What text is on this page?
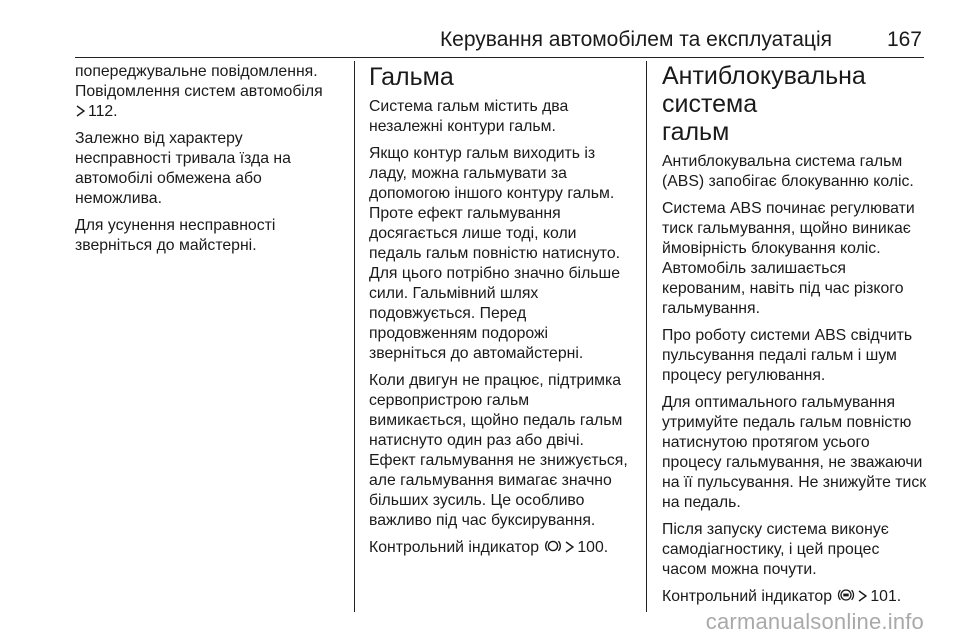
Керування автомобілем та експлуатація	167

попереджувальне повідомлення.
Повідомлення систем автомобіля
112.

Залежно від характеру
несправності тривала їзда на
автомобілі обмежена або
неможлива.

Для усунення несправності
зверніться до майстерні.

Гальма

Система гальм містить два
незалежні контури гальм.

Якщо контур гальм виходить із
ладу, можна гальмувати за
допомогою іншого контуру гальм.
Проте ефект гальмування
досягається лише тоді, коли
педаль гальм повністю натиснуто.
Для цього потрібно значно більше
сили. Гальмівний шлях
подовжується. Перед
продовженням подорожі
зверніться до автомайстерні.

Коли двигун не працює, підтримка
сервопристрою гальм
вимикається, щойно педаль гальм
натиснуто один раз або двічі.
Ефект гальмування не знижується,
але гальмування вимагає значно
більших зусиль. Це особливо
важливо під час буксирування.

Контрольний індикатор 100.

Антиблокувальна система
гальм

Антиблокувальна система гальм
(ABS) запобігає блокуванню коліс.

Система ABS починає регулювати
тиск гальмування, щойно виникає
ймовірність блокування коліс.
Автомобіль залишається
керованим, навіть під час різкого
гальмування.

Про роботу системи ABS свідчить
пульсування педалі гальм і шум
процесу регулювання.

Для оптимального гальмування
утримуйте педаль гальм повністю
натиснутою протягом усього
процесу гальмування, не зважаючи
на її пульсування. Не знижуйте тиск
на педаль.

Після запуску система виконує
самодіагностику, і цей процес
часом можна почути.

Контрольний індикатор 101.

carmanualsonline.info
